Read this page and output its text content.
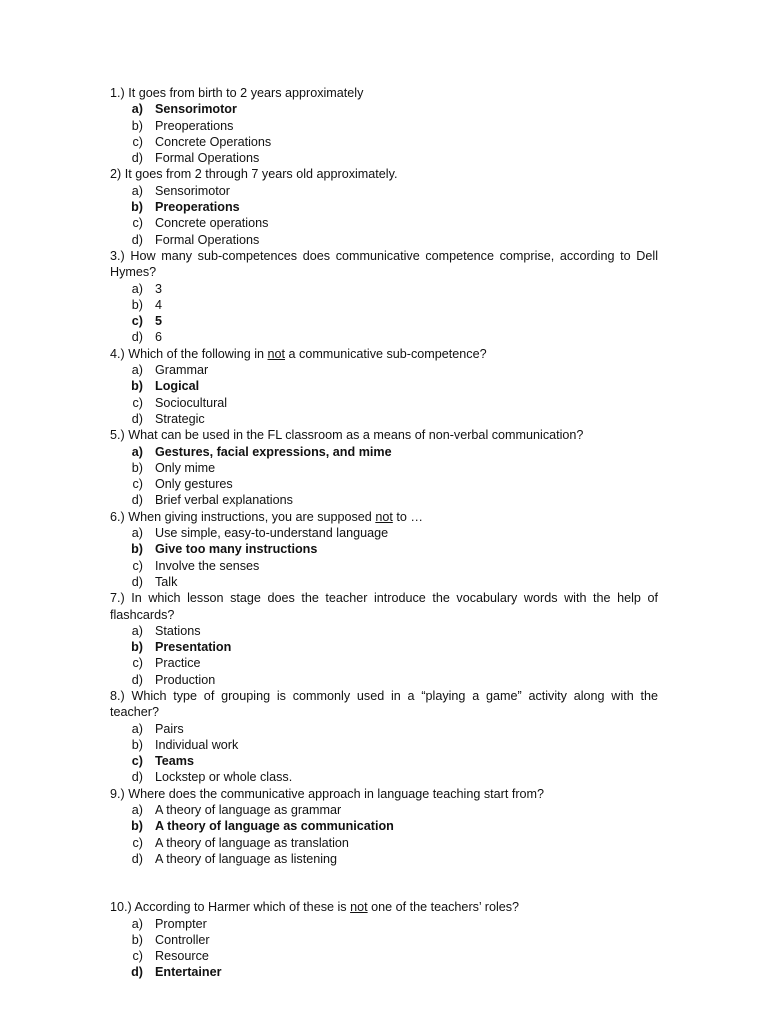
1.) It goes from birth to 2 years approximately
a) Sensorimotor
b) Preoperations
c) Concrete Operations
d) Formal Operations
2) It goes from 2 through 7 years old approximately.
a) Sensorimotor
b) Preoperations
c) Concrete operations
d) Formal Operations
3.) How many sub-competences does communicative competence comprise, according to Dell Hymes?
a) 3
b) 4
c) 5
d) 6
4.) Which of the following in not a communicative sub-competence?
a) Grammar
b) Logical
c) Sociocultural
d) Strategic
5.) What can be used in the FL classroom as a means of non-verbal communication?
a) Gestures, facial expressions, and mime
b) Only mime
c) Only gestures
d) Brief verbal explanations
6.) When giving instructions, you are supposed not to …
a) Use simple, easy-to-understand language
b) Give too many instructions
c) Involve the senses
d) Talk
7.) In which lesson stage does the teacher introduce the vocabulary words with the help of flashcards?
a) Stations
b) Presentation
c) Practice
d) Production
8.) Which type of grouping is commonly used in a “playing a game” activity along with the teacher?
a) Pairs
b) Individual work
c) Teams
d) Lockstep or whole class.
9.) Where does the communicative approach in language teaching start from?
a) A theory of language as grammar
b) A theory of language as communication
c) A theory of language as translation
d) A theory of language as listening
10.) According to Harmer which of these is not one of the teachers’ roles?
a) Prompter
b) Controller
c) Resource
d) Entertainer
